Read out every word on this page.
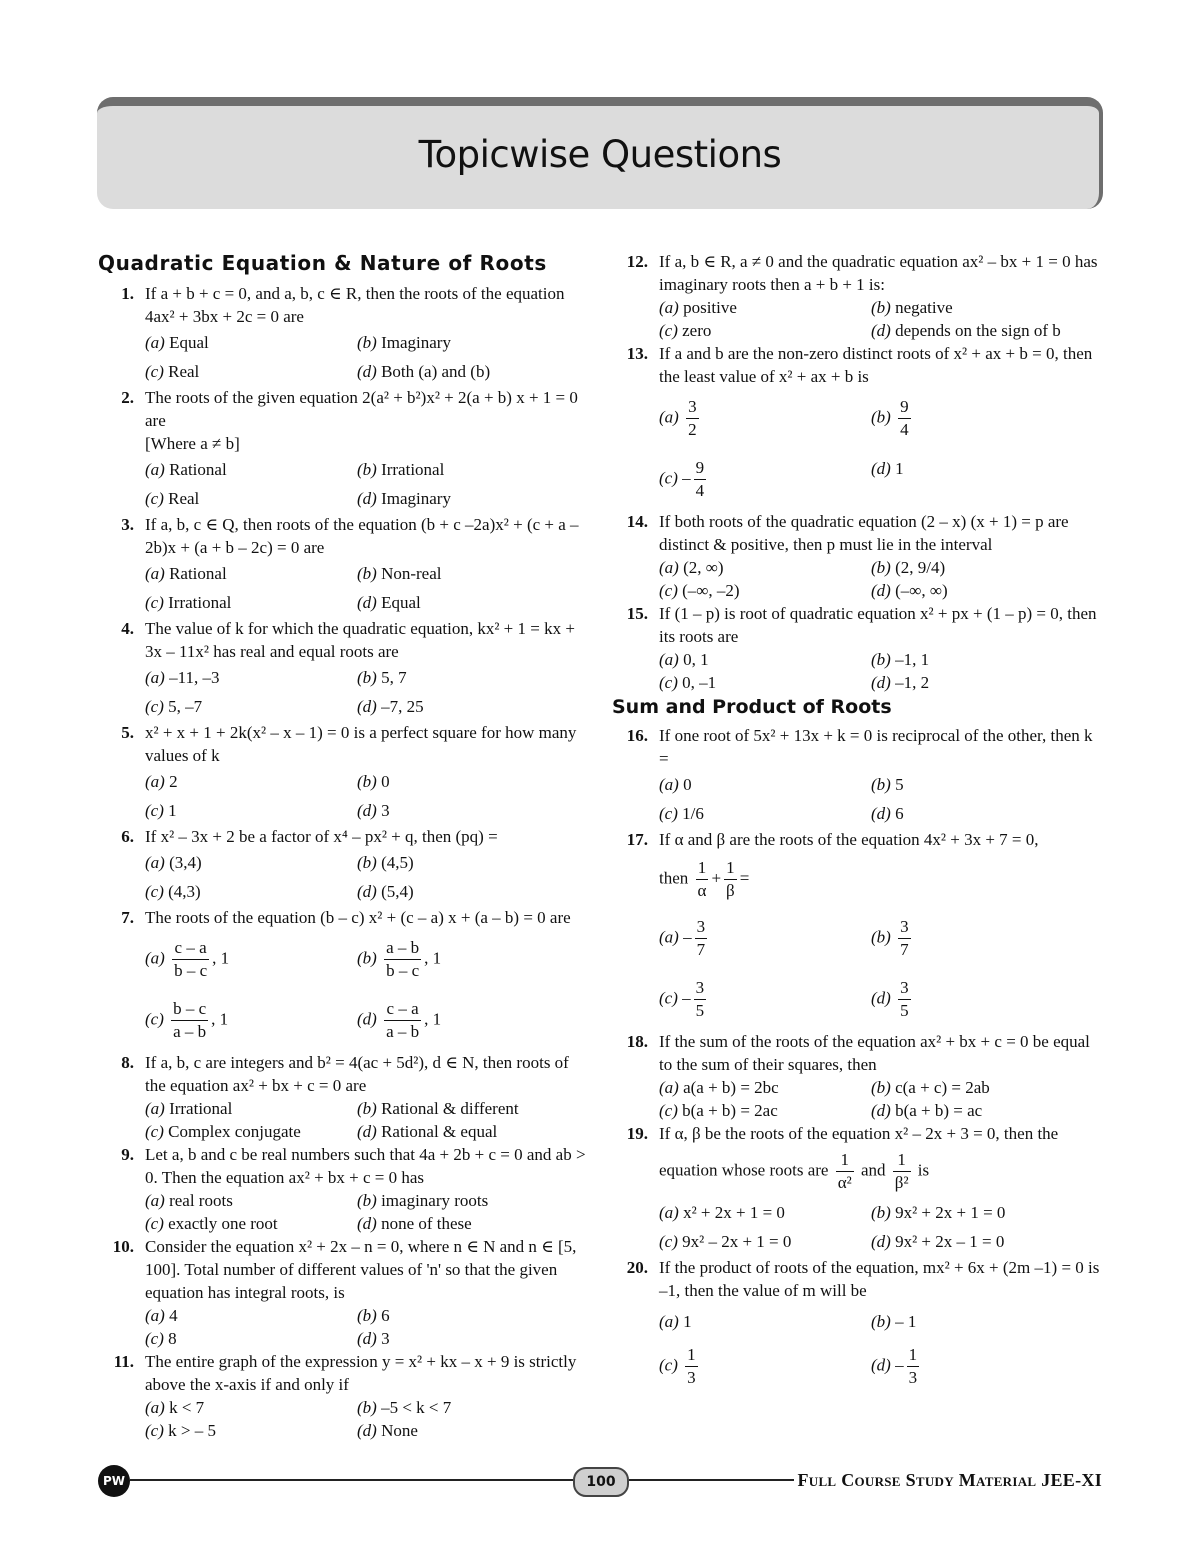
Topicwise Questions
Quadratic Equation & Nature of Roots
1. If a + b + c = 0, and a, b, c ∈ R, then the roots of the equation 4ax² + 3bx + 2c = 0 are
(a) Equal	(b) Imaginary
(c) Real	(d) Both (a) and (b)
2. The roots of the given equation 2(a² + b²)x² + 2(a + b) x + 1 = 0 are
[Where a ≠ b]
(a) Rational	(b) Irrational
(c) Real	(d) Imaginary
3. If a, b, c ∈ Q, then roots of the equation (b + c –2a)x² + (c + a – 2b)x + (a + b – 2c) = 0 are
(a) Rational	(b) Non-real
(c) Irrational	(d) Equal
4. The value of k for which the quadratic equation, kx² + 1 = kx + 3x – 11x² has real and equal roots are
(a) –11, –3	(b) 5, 7
(c) 5, –7	(d) –7, 25
5. x² + x + 1 + 2k(x² – x – 1) = 0 is a perfect square for how many values of k
(a) 2	(b) 0
(c) 1	(d) 3
6. If x² – 3x + 2 be a factor of x⁴ – px² + q, then (pq) =
(a) (3,4)	(b) (4,5)
(c) (4,3)	(d) (5,4)
7. The roots of the equation (b – c) x² + (c – a) x + (a – b) = 0 are
$(a) \frac{c - a}{b - c}$ , 1	$(b) \frac{a - b}{b - c}$ , 1
$(c) \frac{b - c}{a - b}$ , 1	$(d) \frac{c - a}{a - b}$ , 1
8. If a, b, c are integers and b² = 4(ac + 5d²), d ∈ N, then roots of the equation ax² + bx + c = 0 are
(a) Irrational	(b) Rational & different
(c) Complex conjugate	(d) Rational & equal
9. Let a, b and c be real numbers such that 4a + 2b + c = 0 and ab > 0. Then the equation ax² + bx + c = 0 has
(a) real roots	(b) imaginary roots
(c) exactly one root	(d) none of these
10. Consider the equation x² + 2x – n = 0, where n ∈ N and n ∈ [5, 100]. Total number of different values of 'n' so that the given equation has integral roots, is
(a) 4	(b) 6
(c) 8	(d) 3
11. The entire graph of the expression y = x² + kx – x + 9 is strictly above the x-axis if and only if
(a) k < 7	(b) –5 < k < 7
(c) k > – 5	(d) None
12. If a, b ∈ R, a ≠ 0 and the quadratic equation ax² – bx + 1 = 0 has imaginary roots then a + b + 1 is:
(a) positive	(b) negative
(c) zero	(d) depends on the sign of b
13. If a and b are the non-zero distinct roots of x² + ax + b = 0, then the least value of x² + ax + b is
$(a) \frac{3}{2}$	$(b) \frac{9}{4}$
$(c) - \frac{9}{4}$	(d) 1
14. If both roots of the quadratic equation (2 – x) (x + 1) = p are distinct & positive, then p must lie in the interval
(a) (2, ∞)	(b) (2, 9/4)
(c) (–∞, –2)	(d) (–∞, ∞)
15. If (1 – p) is root of quadratic equation x² + px + (1 – p) = 0, then its roots are
(a) 0, 1	(b) –1, 1
(c) 0, –1	(d) –1, 2
Sum and Product of Roots
16. If one root of 5x² + 13x + k = 0 is reciprocal of the other, then k =
(a) 0	(b) 5
(c) 1/6	(d) 6
17. If α and β are the roots of the equation 4x² + 3x + 7 = 0,
then $\frac{1}{\alpha} + \frac{1}{\beta}$ =
$(a) - \frac{3}{7}$	$(b) \frac{3}{7}$
$(c) - \frac{3}{5}$	$(d) \frac{3}{5}$
18. If the sum of the roots of the equation ax² + bx + c = 0 be equal to the sum of their squares, then
(a) a(a + b) = 2bc	(b) c(a + c) = 2ab
(c) b(a + b) = 2ac	(d) b(a + b) = ac
19. If α, β be the roots of the equation x² – 2x + 3 = 0, then the
equation whose roots are $\frac{1}{\text{α²}}$ and $\frac{1}{\text{β²}}$ is
(a) x² + 2x + 1 = 0	(b) 9x² + 2x + 1 = 0
(c) 9x² – 2x + 1 = 0	(d) 9x² + 2x – 1 = 0
20. If the product of roots of the equation, mx² + 6x + (2m –1) = 0 is –1, then the value of m will be
(a) 1	(b) – 1
$(c) \frac{1}{3}$	$(d) - \frac{1}{3}$
PW	100	Full Course Study Material JEE-XI
